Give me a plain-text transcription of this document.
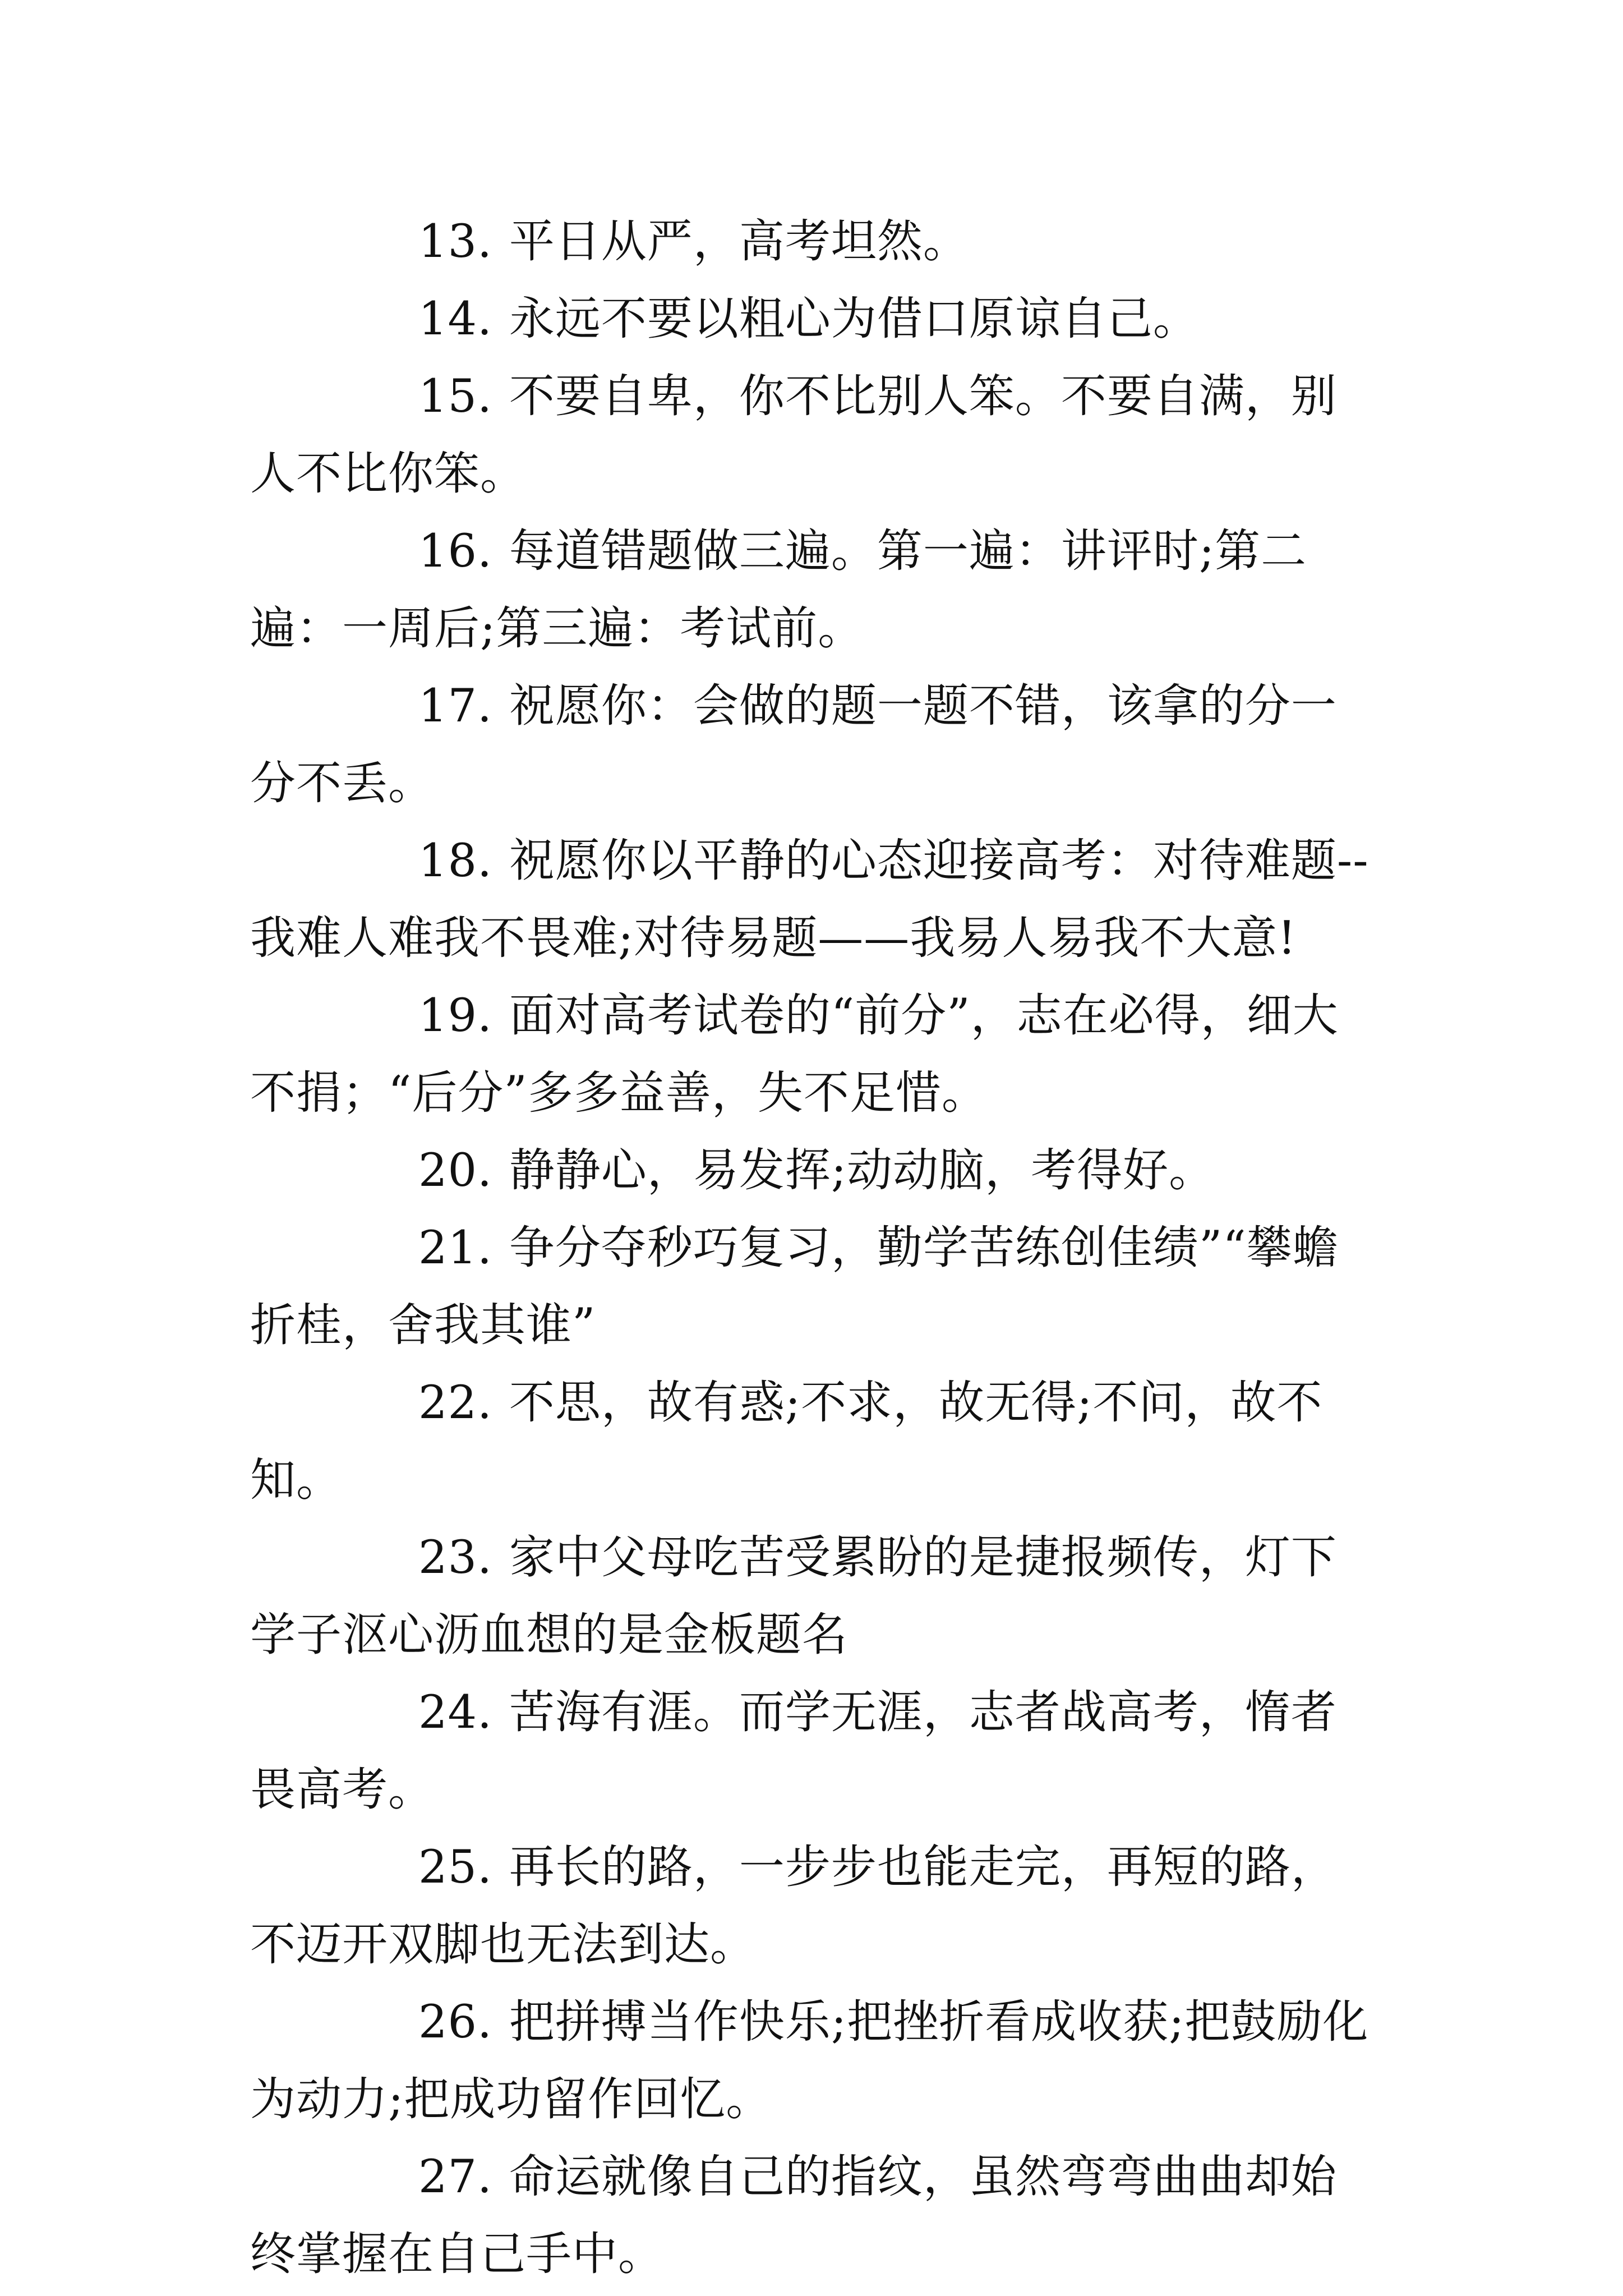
13. 平日从严，高考坦然。

14. 永远不要以粗心为借口原谅自己。

15. 不要自卑，你不比别人笨。不要自满，别人不比你笨。

16. 每道错题做三遍。第一遍：讲评时;第二遍：一周后;第三遍：考试前。

17. 祝愿你：会做的题一题不错，该拿的分一分不丢。

18. 祝愿你以平静的心态迎接高考：对待难题--我难人难我不畏难;对待易题——我易人易我不大意!

19. 面对高考试卷的“前分”，志在必得，细大不捐；“后分”多多益善，失不足惜。

20. 静静心，易发挥;动动脑，考得好。

21. 争分夺秒巧复习，勤学苦练创佳绩”“攀蟾折桂，舍我其谁”

22. 不思，故有惑;不求，故无得;不问，故不知。

23. 家中父母吃苦受累盼的是捷报频传，灯下学子沤心沥血想的是金板题名

24. 苦海有涯。而学无涯，志者战高考，惰者畏高考。

25. 再长的路，一步步也能走完，再短的路，不迈开双脚也无法到达。

26. 把拼搏当作快乐;把挫折看成收获;把鼓励化为动力;把成功留作回忆。

27. 命运就像自己的指纹，虽然弯弯曲曲却始终掌握在自己手中。
